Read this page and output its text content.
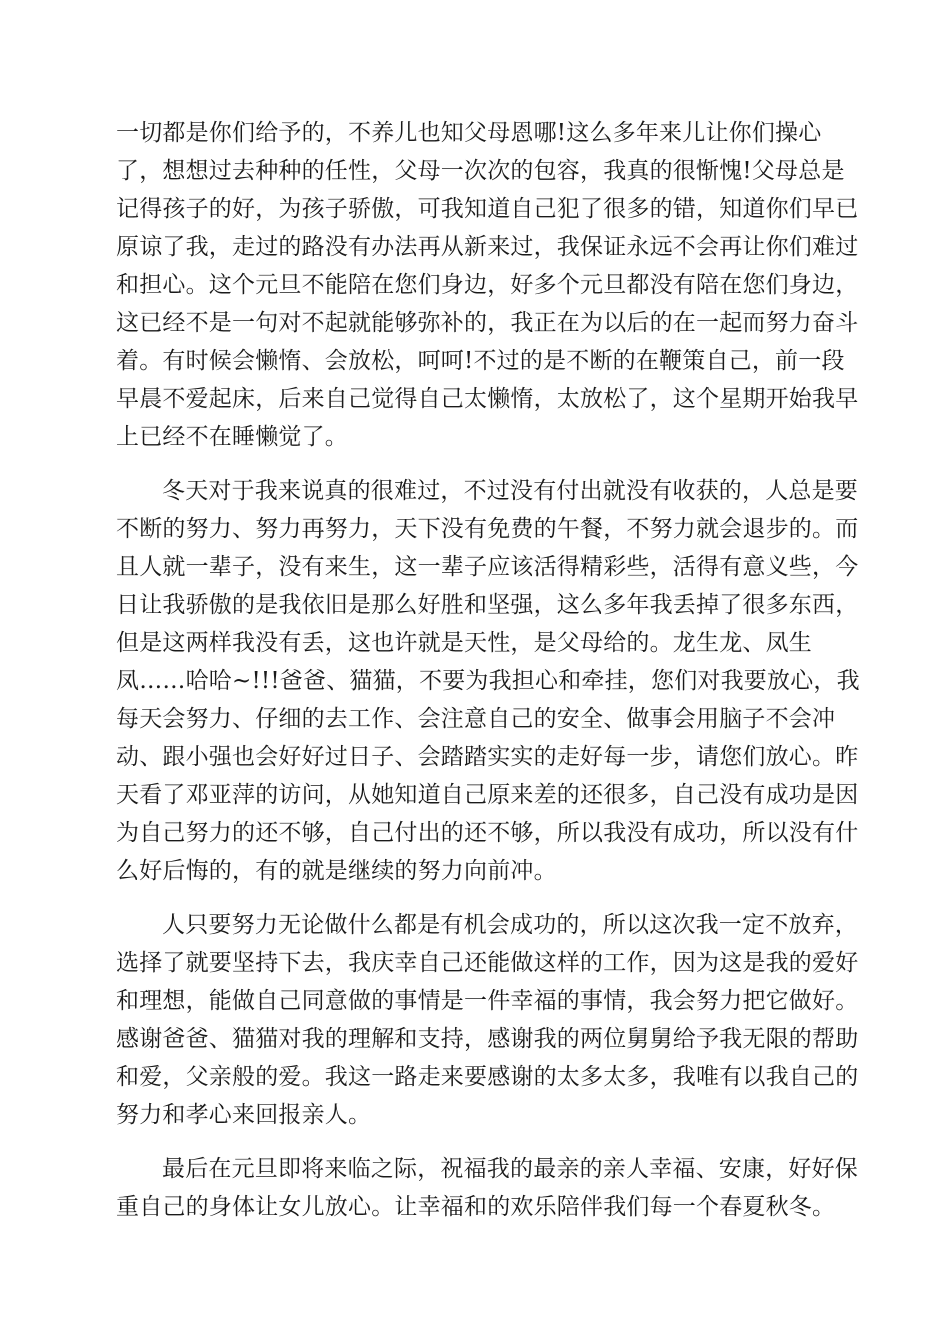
一切都是你们给予的，不养儿也知父母恩哪!这么多年来儿让你们操心
了，想想过去种种的任性，父母一次次的包容，我真的很惭愧!父母总是
记得孩子的好，为孩子骄傲，可我知道自己犯了很多的错，知道你们早已
原谅了我，走过的路没有办法再从新来过，我保证永远不会再让你们难过
和担心。这个元旦不能陪在您们身边，好多个元旦都没有陪在您们身边，
这已经不是一句对不起就能够弥补的，我正在为以后的在一起而努力奋斗
着。有时候会懒惰、会放松，呵呵!不过的是不断的在鞭策自己，前一段
早晨不爱起床，后来自己觉得自己太懒惰，太放松了，这个星期开始我早
上已经不在睡懒觉了。
冬天对于我来说真的很难过，不过没有付出就没有收获的，人总是要
不断的努力、努力再努力，天下没有免费的午餐，不努力就会退步的。而
且人就一辈子，没有来生，这一辈子应该活得精彩些，活得有意义些，今
日让我骄傲的是我依旧是那么好胜和坚强，这么多年我丢掉了很多东西，
但是这两样我没有丢，这也许就是天性，是父母给的。龙生龙、凤生
凤……哈哈~!!!爸爸、猫猫，不要为我担心和牵挂，您们对我要放心，我
每天会努力、仔细的去工作、会注意自己的安全、做事会用脑子不会冲
动、跟小强也会好好过日子、会踏踏实实的走好每一步，请您们放心。昨
天看了邓亚萍的访问，从她知道自己原来差的还很多，自己没有成功是因
为自己努力的还不够，自己付出的还不够，所以我没有成功，所以没有什
么好后悔的，有的就是继续的努力向前冲。
人只要努力无论做什么都是有机会成功的，所以这次我一定不放弃，
选择了就要坚持下去，我庆幸自己还能做这样的工作，因为这是我的爱好
和理想，能做自己同意做的事情是一件幸福的事情，我会努力把它做好。
感谢爸爸、猫猫对我的理解和支持，感谢我的两位舅舅给予我无限的帮助
和爱，父亲般的爱。我这一路走来要感谢的太多太多，我唯有以我自己的
努力和孝心来回报亲人。
最后在元旦即将来临之际，祝福我的最亲的亲人幸福、安康，好好保
重自己的身体让女儿放心。让幸福和的欢乐陪伴我们每一个春夏秋冬。
